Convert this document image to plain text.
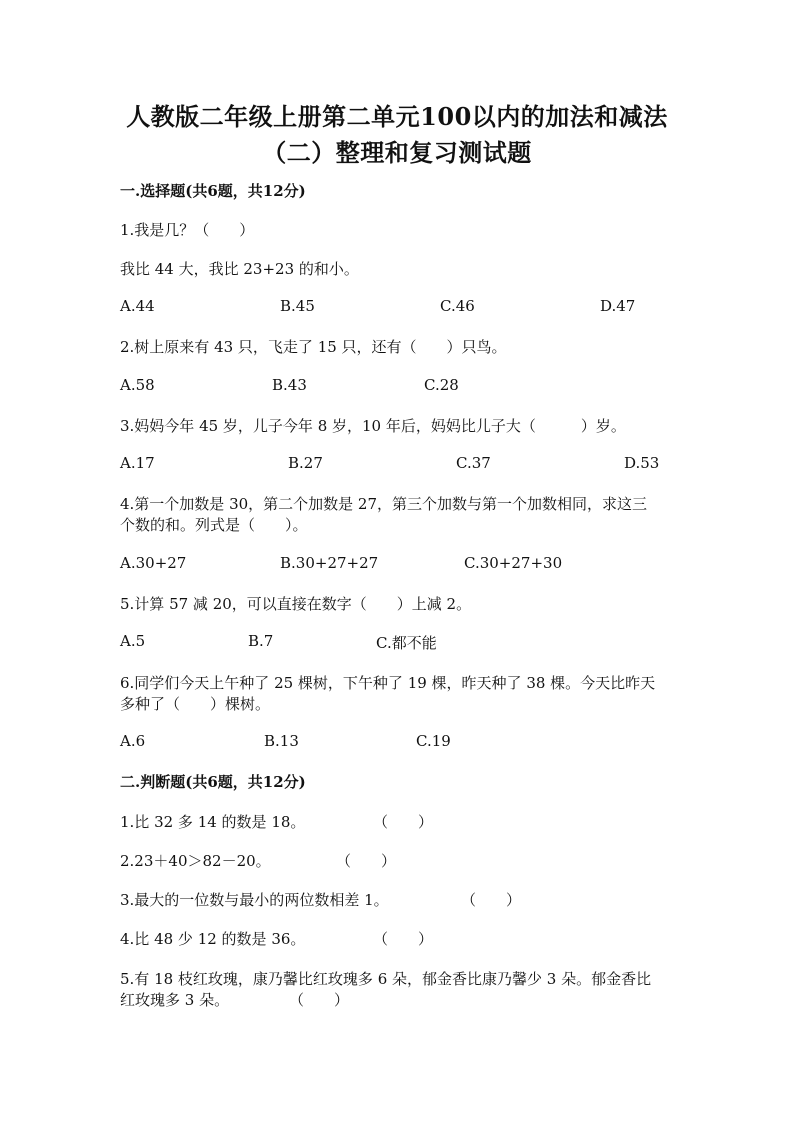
人教版二年级上册第二单元100以内的加法和减法
（二）整理和复习测试题
一.选择题(共6题，共12分)
1.我是几？（　　）
我比 44 大，我比 23+23 的和小。
A.44	B.45	C.46	D.47
2.树上原来有 43 只，飞走了 15 只，还有（　　）只鸟。
A.58	B.43	C.28
3.妈妈今年 45 岁，儿子今年 8 岁，10 年后，妈妈比儿子大（　　　）岁。
A.17	B.27	C.37	D.53
4.第一个加数是 30，第二个加数是 27，第三个加数与第一个加数相同，求这三
个数的和。列式是（　　）。
A.30+27	B.30+27+27	C.30+27+30
5.计算 57 减 20，可以直接在数字（　　）上减 2。
A.5	B.7	C.都不能
6.同学们今天上午种了 25 棵树，下午种了 19 棵，昨天种了 38 棵。今天比昨天
多种了（　　）棵树。
A.6	B.13	C.19
二.判断题(共6题，共12分)
1.比 32 多 14 的数是 18。	（　　）
2.23＋40＞82－20。	（　　）
3.最大的一位数与最小的两位数相差 1。	（　　）
4.比 48 少 12 的数是 36。	（　　）
5.有 18 枝红玫瑰，康乃馨比红玫瑰多 6 朵，郁金香比康乃馨少 3 朵。郁金香比
红玫瑰多 3 朵。	（　　）
